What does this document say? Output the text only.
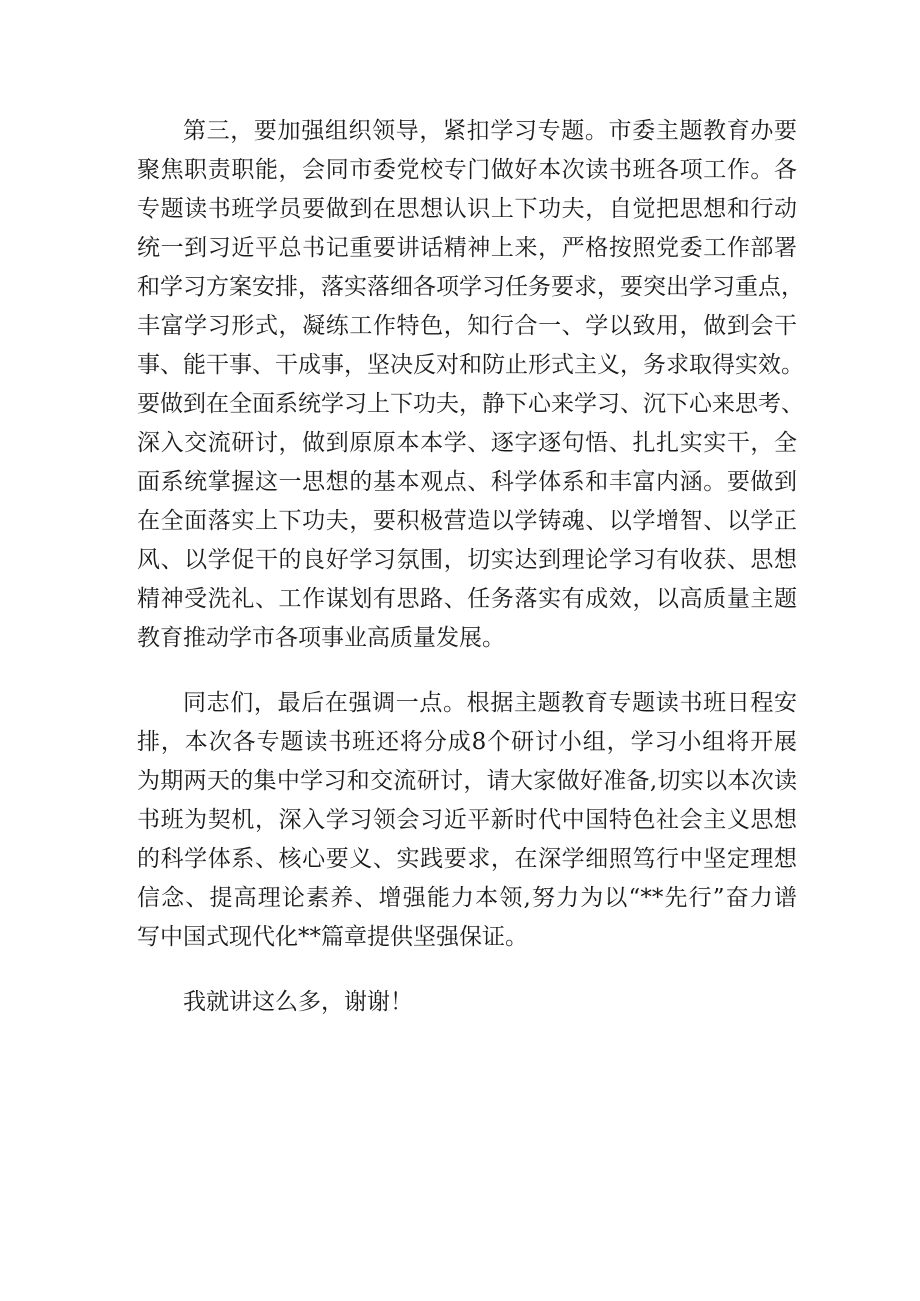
第三，要加强组织领导，紧扣学习专题。市委主题教育办要
聚焦职责职能，会同市委党校专门做好本次读书班各项工作。各
专题读书班学员要做到在思想认识上下功夫，自觉把思想和行动
统一到习近平总书记重要讲话精神上来，严格按照党委工作部署
和学习方案安排，落实落细各项学习任务要求，要突出学习重点，
丰富学习形式，凝练工作特色，知行合一、学以致用，做到会干
事、能干事、干成事，坚决反对和防止形式主义，务求取得实效。
要做到在全面系统学习上下功夫，静下心来学习、沉下心来思考、
深入交流研讨，做到原原本本学、逐字逐句悟、扎扎实实干，全
面系统掌握这一思想的基本观点、科学体系和丰富内涵。要做到
在全面落实上下功夫，要积极营造以学铸魂、以学增智、以学正
风、以学促干的良好学习氛围，切实达到理论学习有收获、思想
精神受洗礼、工作谋划有思路、任务落实有成效，以高质量主题
教育推动学市各项事业高质量发展。
同志们，最后在强调一点。根据主题教育专题读书班日程安
排，本次各专题读书班还将分成8个研讨小组，学习小组将开展
为期两天的集中学习和交流研讨，请大家做好准备,切实以本次读
书班为契机，深入学习领会习近平新时代中国特色社会主义思想
的科学体系、核心要义、实践要求，在深学细照笃行中坚定理想
信念、提高理论素养、增强能力本领,努力为以“**先行”奋力谱
写中国式现代化**篇章提供坚强保证。
我就讲这么多，谢谢！
